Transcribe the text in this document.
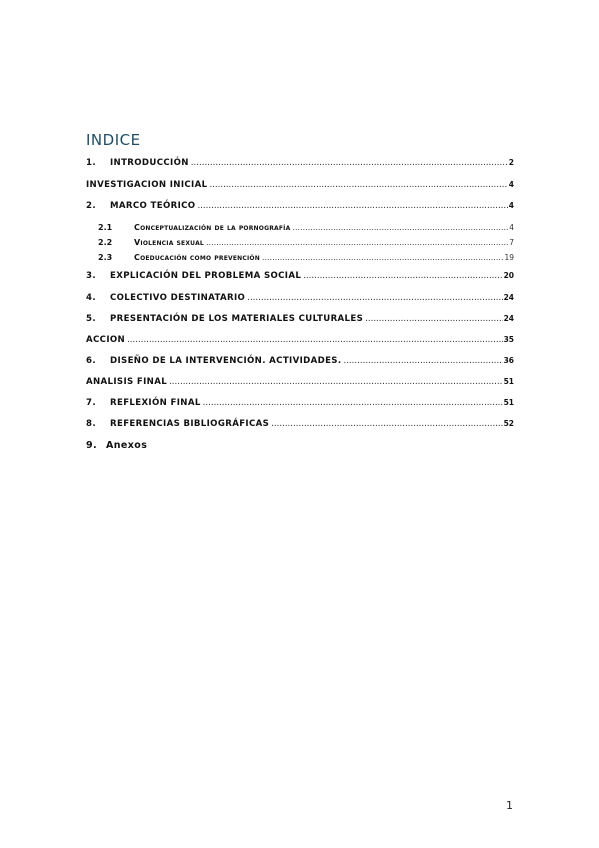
INDICE
1.	INTRODUCCIÓN .....	2
INVESTIGACION INICIAL .....	4
2.	MARCO TEÓRICO .....	4
2.1	Conceptualización de la pornografía .....	4
2.2	Violencia sexual .....	7
2.3	Coeducación como prevención .....	19
3.	EXPLICACIÓN DEL PROBLEMA SOCIAL .....	20
4.	COLECTIVO DESTINATARIO .....	24
5.	PRESENTACIÓN DE LOS MATERIALES CULTURALES .....	24
ACCION .....	35
6.	DISEÑO DE LA INTERVENCIÓN. ACTIVIDADES. .....	36
ANALISIS FINAL .....	51
7.	REFLEXIÓN FINAL .....	51
8.	REFERENCIAS BIBLIOGRÁFICAS .....	52
9. Anexos
1
